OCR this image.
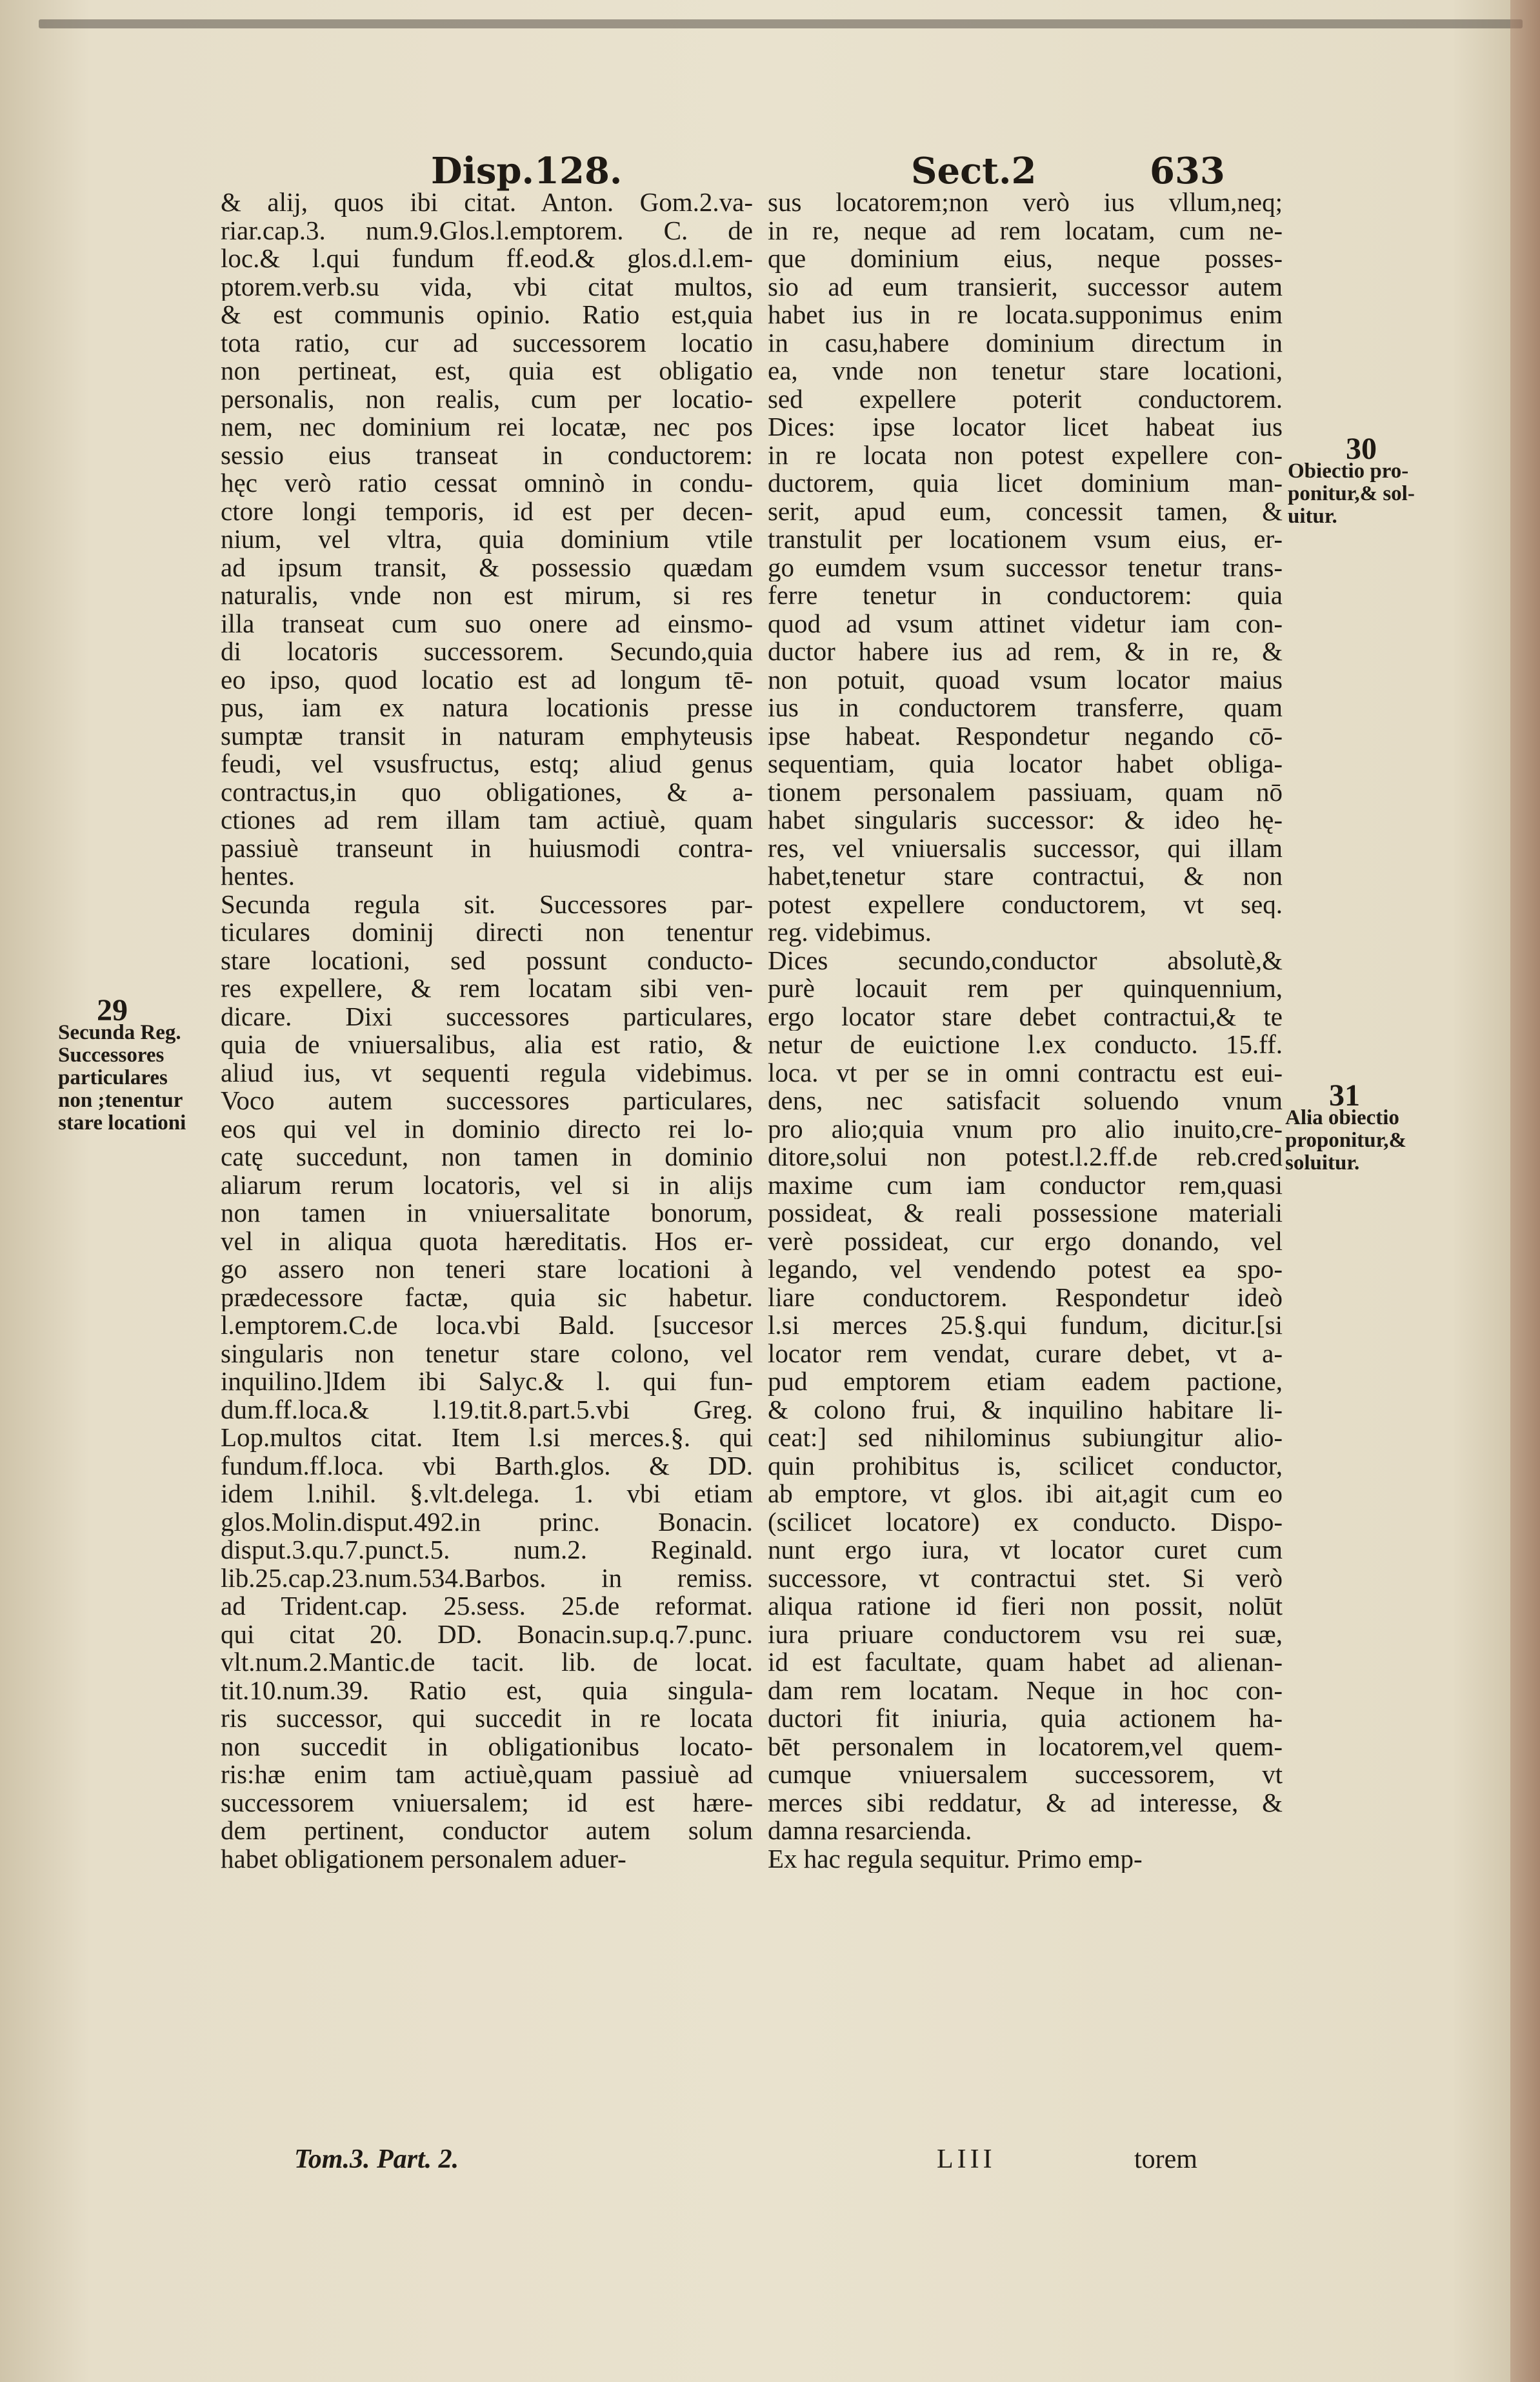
Disp.128.	Sect.2	633
& alij, quos ibi citat. Anton. Gom.2.va-
riar.cap.3. num.9.Glos.l.emptorem. C. de
loc.& l.qui fundum ff.eod.& glos.d.l.em-
ptorem.verb.su vida, vbi citat multos,
& est communis opinio. Ratio est,quia
tota ratio, cur ad successorem locatio
non pertineat, est, quia est obligatio
personalis, non realis, cum per locatio-
nem, nec dominium rei locatæ, nec pos
sessio eius transeat in conductorem:
hęc verò ratio cessat omninò in condu-
ctore longi temporis, id est per decen-
nium, vel vltra, quia dominium vtile
ad ipsum transit, & possessio quædam
naturalis, vnde non est mirum, si res
illa transeat cum suo onere ad einsmo-
di locatoris successorem. Secundo,quia
eo ipso, quod locatio est ad longum tē-
pus, iam ex natura locationis presse
sumptæ transit in naturam emphyteusis
feudi, vel vsusfructus, estq; aliud genus
contractus,in quo obligationes, & a-
ctiones ad rem illam tam actiuè, quam
passiuè transeunt in huiusmodi contra-
hentes.
Secunda regula sit. Successores par-
ticulares dominij directi non tenentur
stare locationi, sed possunt conducto-
res expellere, & rem locatam sibi ven-
dicare. Dixi successores particulares,
quia de vniuersalibus, alia est ratio, &
aliud ius, vt sequenti regula videbimus.
Voco autem successores particulares,
eos qui vel in dominio directo rei lo-
catę succedunt, non tamen in dominio
aliarum rerum locatoris, vel si in alijs
non tamen in vniuersalitate bonorum,
vel in aliqua quota hæreditatis. Hos er-
go assero non teneri stare locationi à
prædecessore factæ, quia sic habetur.
l.emptorem.C.de loca.vbi Bald. [succesor
singularis non tenetur stare colono, vel
inquilino.]Idem ibi Salyc.& l. qui fun-
dum.ff.loca.& l.19.tit.8.part.5.vbi Greg.
Lop.multos citat. Item l.si merces.§. qui
fundum.ff.loca. vbi Barth.glos. & DD.
idem l.nihil. §.vlt.delega. 1. vbi etiam
glos.Molin.disput.492.in princ. Bonacin.
disput.3.qu.7.punct.5. num.2. Reginald.
lib.25.cap.23.num.534.Barbos. in remiss.
ad Trident.cap. 25.sess. 25.de reformat.
qui citat 20. DD. Bonacin.sup.q.7.punc.
vlt.num.2.Mantic.de tacit. lib. de locat.
tit.10.num.39. Ratio est, quia singula-
ris successor, qui succedit in re locata
non succedit in obligationibus locato-
ris:hæ enim tam actiuè,quam passiuè ad
successorem vniuersalem; id est hære-
dem pertinent, conductor autem solum
habet obligationem personalem aduer-
sus locatorem;non verò ius vllum,neq;
in re, neque ad rem locatam, cum ne-
que dominium eius, neque posses-
sio ad eum transierit, successor autem
habet ius in re locata.supponimus enim
in casu,habere dominium directum in
ea, vnde non tenetur stare locationi,
sed expellere poterit conductorem.
Dices: ipse locator licet habeat ius
in re locata non potest expellere con-
ductorem, quia licet dominium man-
serit, apud eum, concessit tamen, &
transtulit per locationem vsum eius, er-
go eumdem vsum successor tenetur trans-
ferre tenetur in conductorem: quia
quod ad vsum attinet videtur iam con-
ductor habere ius ad rem, & in re, &
non potuit, quoad vsum locator maius
ius in conductorem transferre, quam
ipse habeat. Respondetur negando cō-
sequentiam, quia locator habet obliga-
tionem personalem passiuam, quam nō
habet singularis successor: & ideo hę-
res, vel vniuersalis successor, qui illam
habet,tenetur stare contractui, & non
potest expellere conductorem, vt seq.
reg. videbimus.
Dices secundo,conductor absolutè,&
purè locauit rem per quinquennium,
ergo locator stare debet contractui,& te
netur de euictione l.ex conducto. 15.ff.
loca. vt per se in omni contractu est eui-
dens, nec satisfacit soluendo vnum
pro alio;quia vnum pro alio inuito,cre-
ditore,solui non potest.l.2.ff.de reb.cred
maxime cum iam conductor rem,quasi
possideat, & reali possessione materiali
verè possideat, cur ergo donando, vel
legando, vel vendendo potest ea spo-
liare conductorem. Respondetur ideò
l.si merces 25.§.qui fundum, dicitur.[si
locator rem vendat, curare debet, vt a-
pud emptorem etiam eadem pactione,
& colono frui, & inquilino habitare li-
ceat:] sed nihilominus subiungitur alio-
quin prohibitus is, scilicet conductor,
ab emptore, vt glos. ibi ait,agit cum eo
(scilicet locatore) ex conducto. Dispo-
nunt ergo iura, vt locator curet cum
successore, vt contractui stet. Si verò
aliqua ratione id fieri non possit, nolūt
iura priuare conductorem vsu rei suæ,
id est facultate, quam habet ad alienan-
dam rem locatam. Neque in hoc con-
ductori fit iniuria, quia actionem ha-
bēt personalem in locatorem,vel quem-
cumque vniuersalem successorem, vt
merces sibi reddatur, & ad interesse, &
damna resarcienda.
Ex hac regula sequitur. Primo emp-
29
Secunda Reg.
Successores
particulares
non ;tenentur
stare locationi
30
Obiectio pro-
ponitur,& sol-
uitur.
31
Alia obiectio
proponitur,&
soluitur.
Tom.3. Part. 2.	LIII	torem
